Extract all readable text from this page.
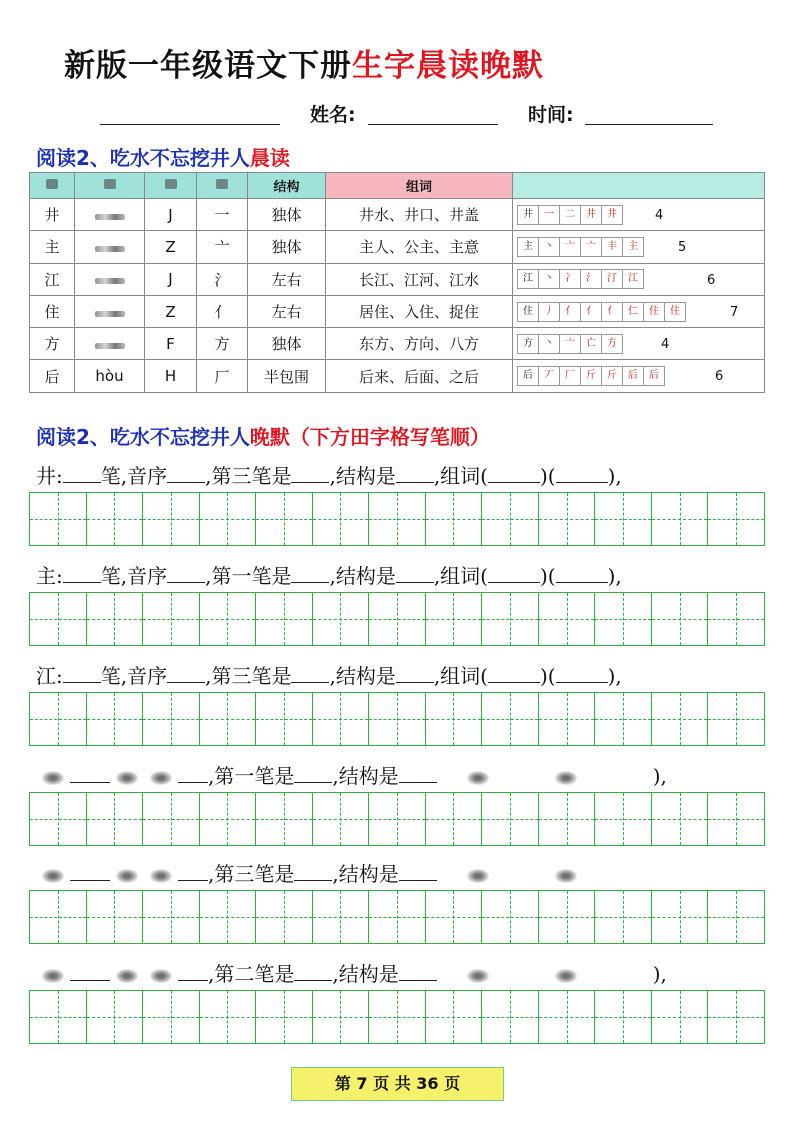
新版一年级语文下册生字晨读晚默
姓名:	时间:
阅读2、吃水不忘挖井人晨读
				结构	组词	
井		J	一	独体	井水、井口、井盖	井 一 二 井 井 4

主		Z	亠	独体	主人、公主、主意	主 丶 亠 亠 丰 主 5

江		J	氵	左右	长江、江河、江水	江 丶 冫 氵 汀 江 6

住		Z	亻	左右	居住、入住、捉住	住 丿 亻 亻 亻 仁 住 住 7

方		F	方	独体	东方、方向、八方	方 丶 亠 亡 方 4

后	hòu	H	厂	半包围	后来、后面、之后	后 丆 厂 斤 斤 后 后 6
阅读2、吃水不忘挖井人晚默（下方田字格写笔顺）
井: 笔,音序 ,第三笔是 ,结构是 ,组词(	)(	),
主: 笔,音序 ,第一笔是 ,结构是 ,组词(	)(	),
江: 笔,音序 ,第三笔是 ,结构是 ,组词(	)(	),
,第一笔是 ,结构是	),
,第三笔是 ,结构是
,第二笔是 ,结构是	),
第 7 页 共 36 页
